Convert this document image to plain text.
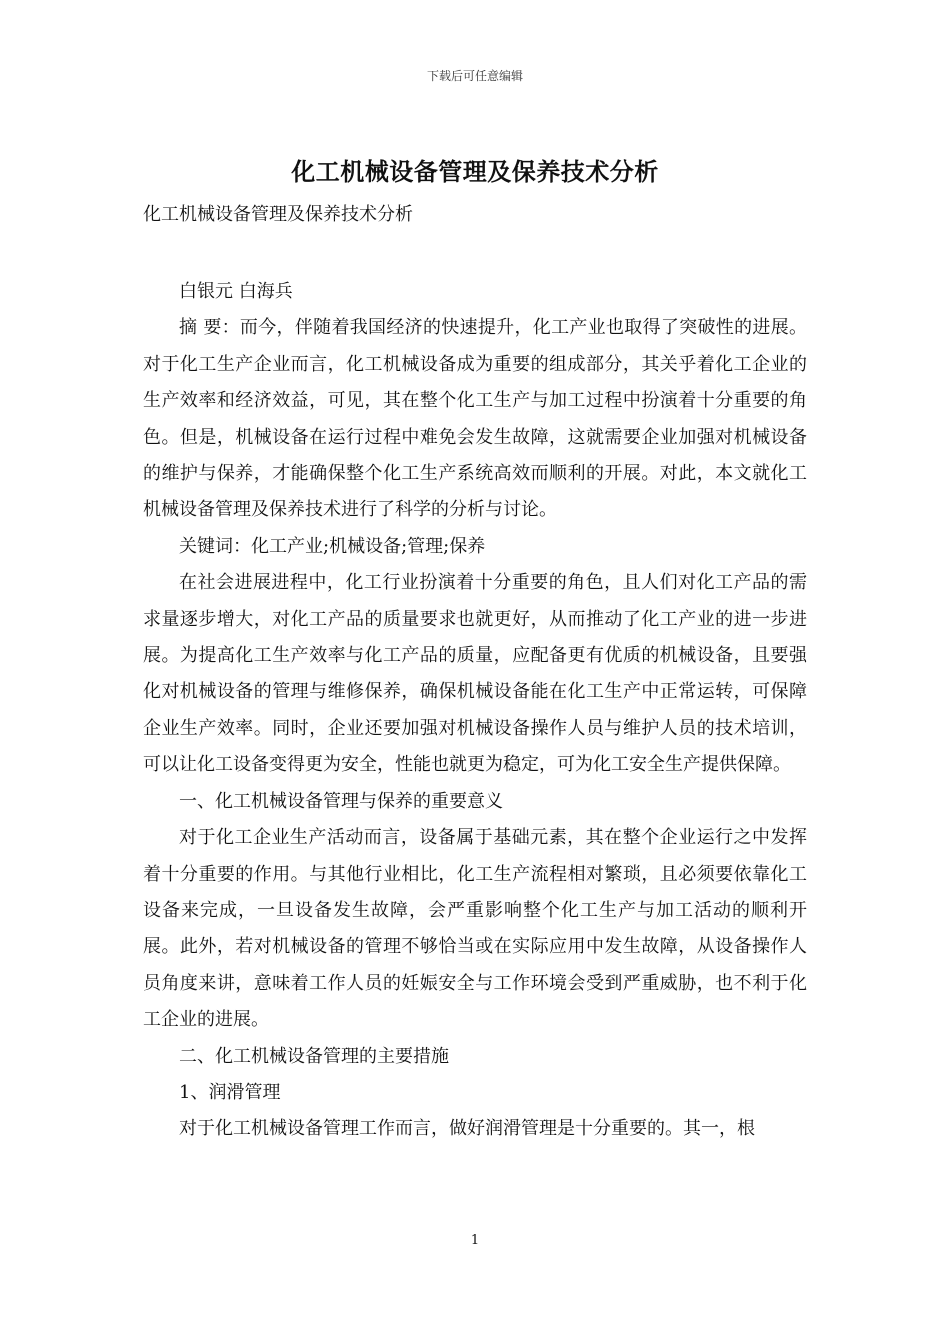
下载后可任意编辑
化工机械设备管理及保养技术分析
化工机械设备管理及保养技术分析

白银元 白海兵

摘 要：而今，伴随着我国经济的快速提升，化工产业也取得了突破性的进展。对于化工生产企业而言，化工机械设备成为重要的组成部分，其关乎着化工企业的生产效率和经济效益，可见，其在整个化工生产与加工过程中扮演着十分重要的角色。但是，机械设备在运行过程中难免会发生故障，这就需要企业加强对机械设备的维护与保养，才能确保整个化工生产系统高效而顺利的开展。对此，本文就化工机械设备管理及保养技术进行了科学的分析与讨论。

关键词：化工产业;机械设备;管理;保养

在社会进展进程中，化工行业扮演着十分重要的角色，且人们对化工产品的需求量逐步增大，对化工产品的质量要求也就更好，从而推动了化工产业的进一步进展。为提高化工生产效率与化工产品的质量，应配备更有优质的机械设备，且要强化对机械设备的管理与维修保养，确保机械设备能在化工生产中正常运转，可保障企业生产效率。同时，企业还要加强对机械设备操作人员与维护人员的技术培训，可以让化工设备变得更为安全，性能也就更为稳定，可为化工安全生产提供保障。

一、化工机械设备管理与保养的重要意义

对于化工企业生产活动而言，设备属于基础元素，其在整个企业运行之中发挥着十分重要的作用。与其他行业相比，化工生产流程相对繁琐，且必须要依靠化工设备来完成，一旦设备发生故障，会严重影响整个化工生产与加工活动的顺利开展。此外，若对机械设备的管理不够恰当或在实际应用中发生故障，从设备操作人员角度来讲，意味着工作人员的妊娠安全与工作环境会受到严重威胁，也不利于化工企业的进展。

二、化工机械设备管理的主要措施

1、润滑管理

对于化工机械设备管理工作而言，做好润滑管理是十分重要的。其一，根

1
